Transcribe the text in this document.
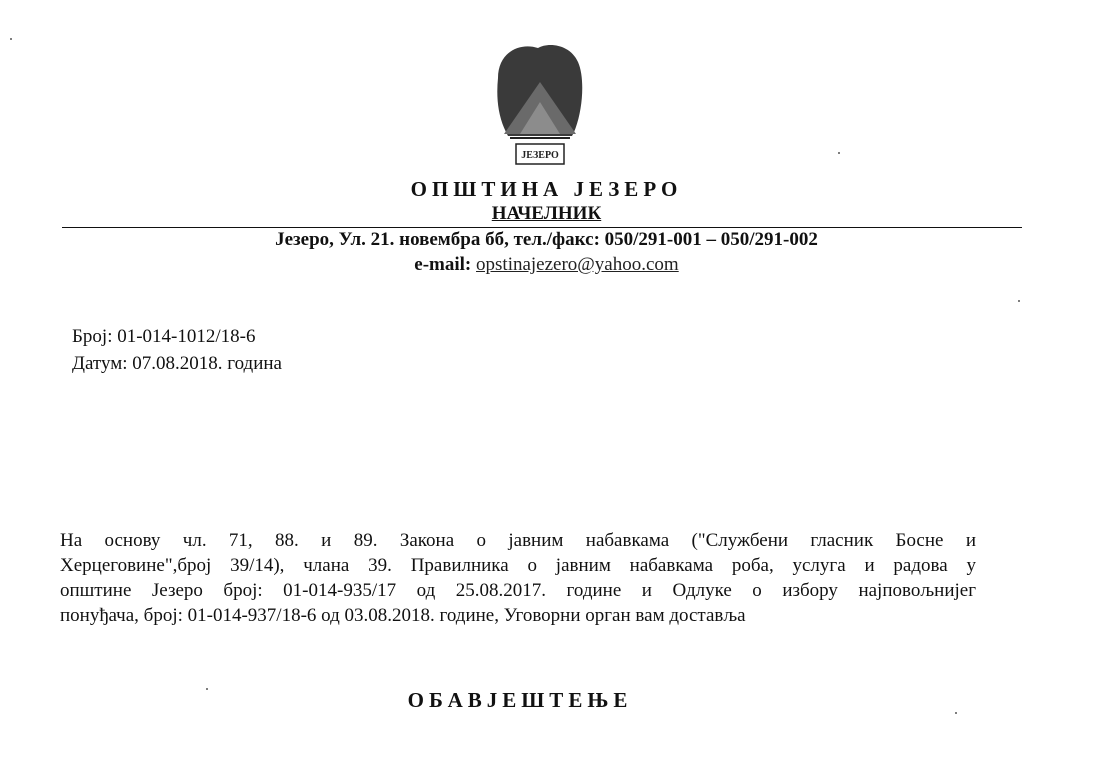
ЈЕЗЕРО
ОПШТИНА ЈЕЗЕРО
НАЧЕЛНИК
Језеро, Ул. 21. новембра бб, тел./факс: 050/291-001 – 050/291-002
e-mail: opstinajezero@yahoo.com
Број: 01-014-1012/18-6
Датум: 07.08.2018. година
На основу чл. 71, 88. и 89. Закона о јавним набавкама ("Службени гласник Босне и
Херцеговине",број 39/14), члана 39. Правилника о јавним набавкама роба, услуга и радова у
општине Језеро број: 01-014-935/17 од 25.08.2017. године и Одлуке о избору најповољнијег
понуђача, број: 01-014-937/18-6 од 03.08.2018. године, Уговорни орган вам доставља
ОБАВЈЕШТЕЊЕ
